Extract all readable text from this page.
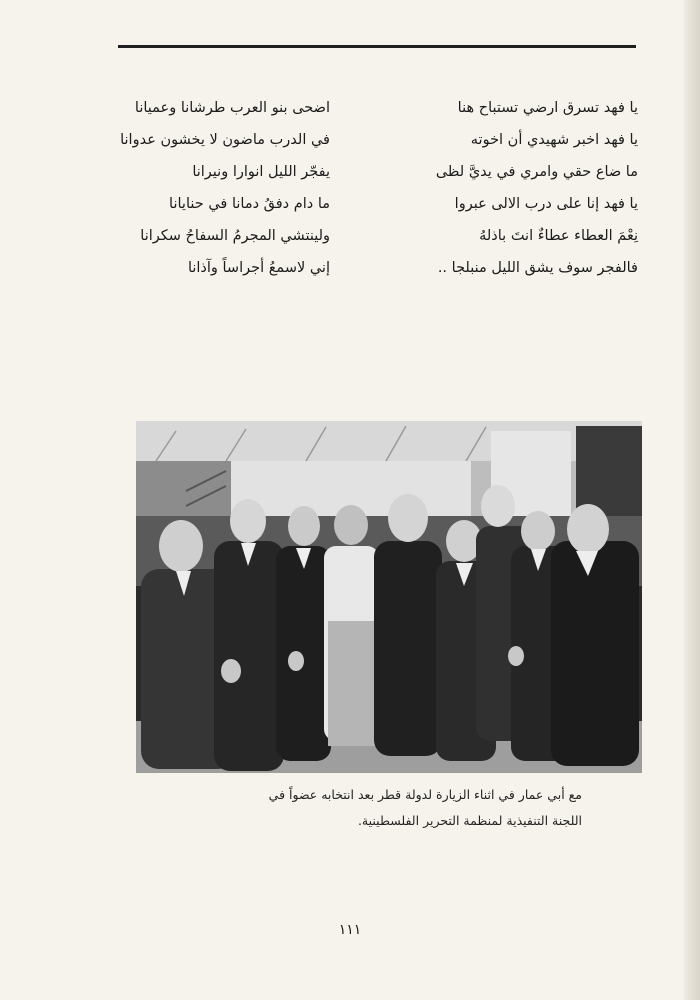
يا فهد تسرق ارضي تستباح هنا
يا فهد اخبر شهيدي أن اخوته
ما ضاع حقي وامري في يديَّ لظى
يا فهد إنا على درب الالى عبروا
نِعْمَ العطاء عطاءٌ انتَ باذلهُ
فالفجر سوف يشق الليل منبلجا ..
اضحى بنو العرب طرشانا وعميانا
في الدرب ماضون لا يخشون عدوانا
يفجّر الليل انوارا ونيرانا
ما دام دفقُ دمانا في حنايانا
ولينتشي المجرمُ السفاحُ سكرانا
إني لاسمعُ أجراساً وآذانا
مع أبي عمار في اثناء الزيارة لدولة قطر بعد انتخابه عضواً في
اللجنة التنفيذية لمنظمة التحرير الفلسطينية.
١١١
